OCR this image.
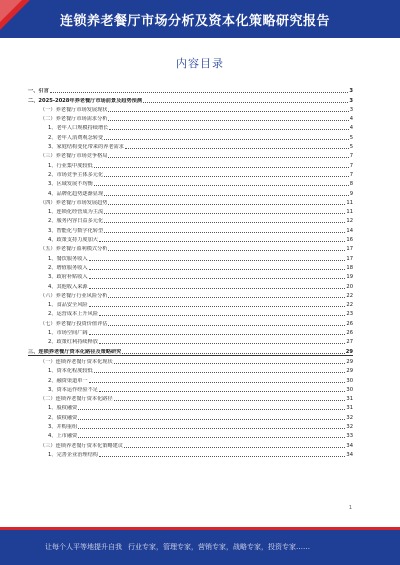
连锁养老餐厅市场分析及资本化策略研究报告
内容目录
一、引言	3
二、2025-2028年养老餐厅市场前景及趋势预测	3
（一）养老餐厅市场发展现状	3
（二）养老餐厅市场需求分析	4
1、老年人口规模持续增长	4
2、老年人消费观念转变	5
3、家庭结构变化带来的养老需求	5
（三）养老餐厅市场竞争格局	7
1、行业集中度较低	7
2、市场竞争主体多元化	7
3、区域发展不均衡	8
4、品牌化趋势逐渐显现	9
（四）养老餐厅市场发展趋势	11
1、连锁化经营成为主流	11
2、服务内容日益多元化	12
3、智能化与数字化转型	14
4、政策支持力度加大	16
（五）养老餐厅盈利模式分析	17
1、餐饮服务收入	17
2、增值服务收入	18
3、政府补贴收入	19
4、其他收入来源	20
（六）养老餐厅行业风险分析	22
1、食品安全风险	22
2、运营成本上升风险	23
（七）养老餐厅投资价值评估	26
1、市场空间广阔	26
2、政策红利持续释放	27
三、连锁养老餐厅资本化路径及策略研究	29
（一）连锁养老餐厅资本化现状	29
1、资本化程度较低	29
2、融资渠道单一	30
3、资本运作经验不足	30
（二）连锁养老餐厅资本化路径	31
1、股权融资	31
2、债权融资	32
3、并购重组	32
4、上市融资	33
（三）连锁养老餐厅资本化策略建议	34
1、完善企业治理结构	34
1
让每个人平等地提升自我 行业专家，管理专家，营销专家，战略专家，投资专家……
